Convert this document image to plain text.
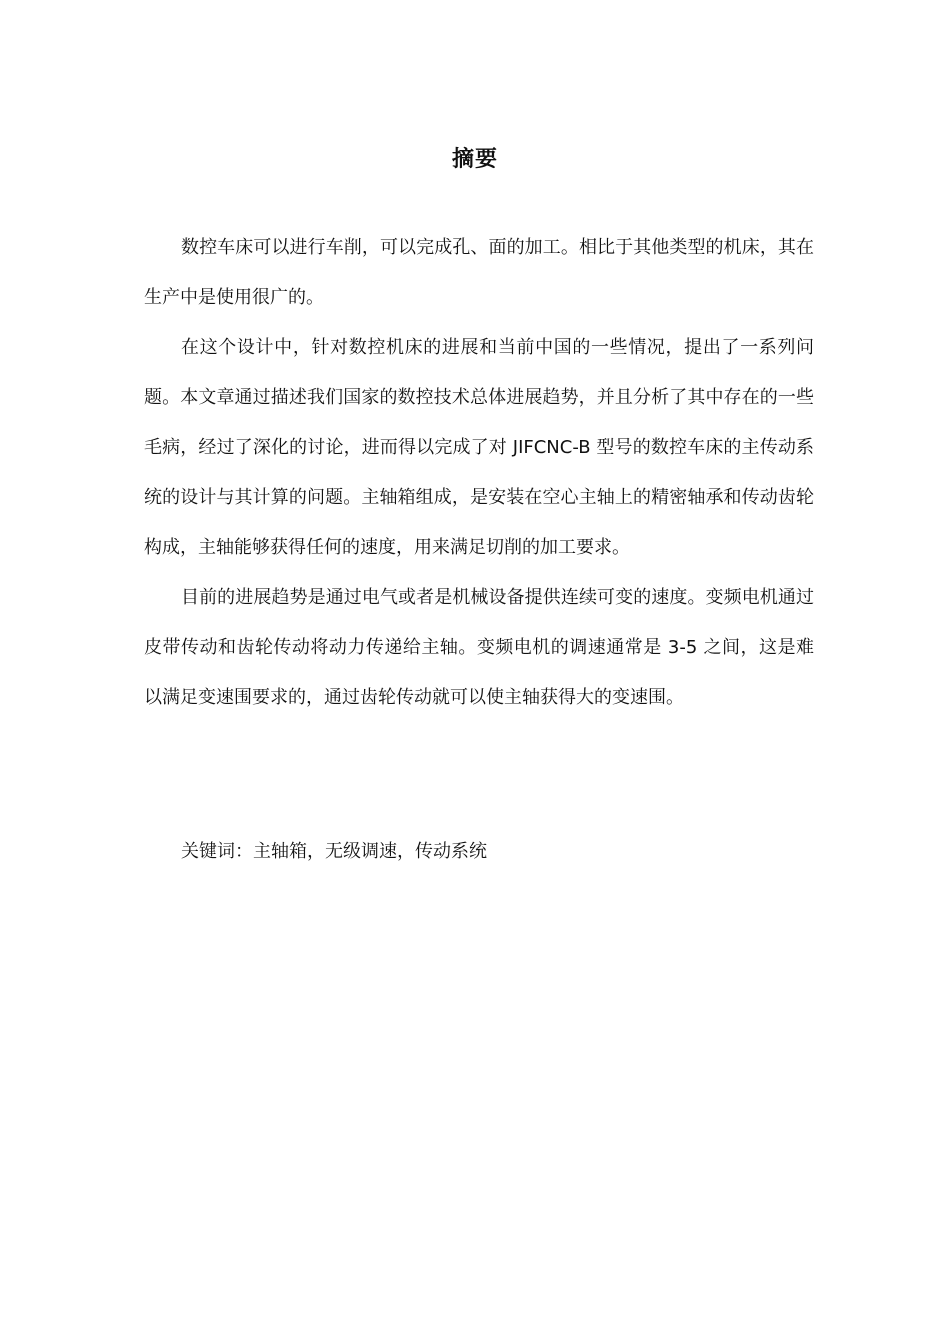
摘要

数控车床可以进行车削，可以完成孔、面的加工。相比于其他类型的机床，其在生产中是使用很广的。

在这个设计中，针对数控机床的进展和当前中国的一些情况，提出了一系列问题。本文章通过描述我们国家的数控技术总体进展趋势，并且分析了其中存在的一些毛病，经过了深化的讨论，进而得以完成了对 JIFCNC-B 型号的数控车床的主传动系统的设计与其计算的问题。主轴箱组成，是安装在空心主轴上的精密轴承和传动齿轮构成，主轴能够获得任何的速度，用来满足切削的加工要求。

目前的进展趋势是通过电气或者是机械设备提供连续可变的速度。变频电机通过皮带传动和齿轮传动将动力传递给主轴。变频电机的调速通常是 3-5 之间，这是难以满足变速围要求的，通过齿轮传动就可以使主轴获得大的变速围。

关键词：主轴箱，无级调速，传动系统
